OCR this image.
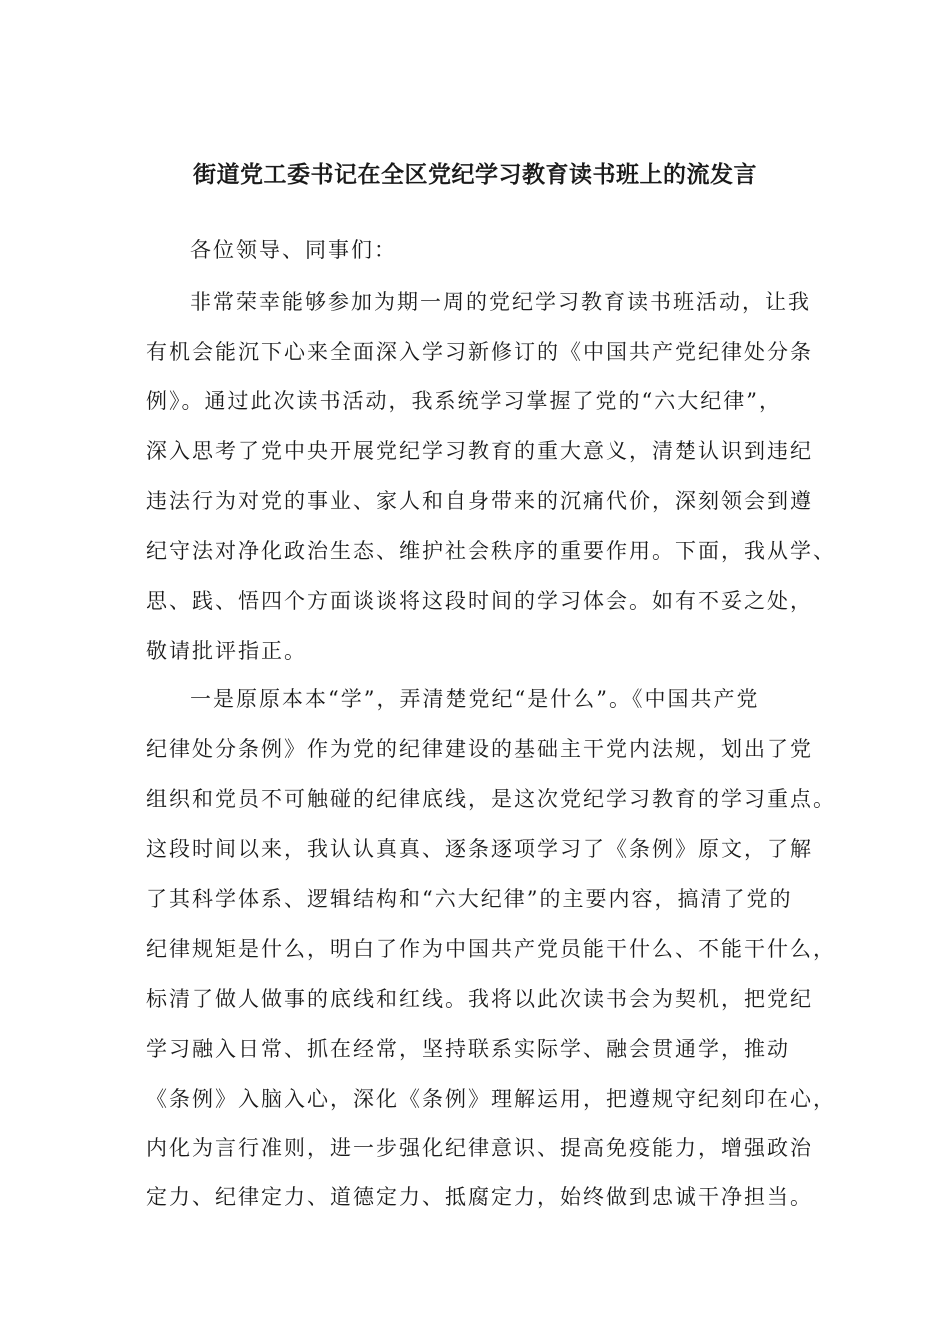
街道党工委书记在全区党纪学习教育读书班上的流发言
各位领导、同事们：
非常荣幸能够参加为期一周的党纪学习教育读书班活动，让我
有机会能沉下心来全面深入学习新修订的《中国共产党纪律处分条
例》。通过此次读书活动，我系统学习掌握了党的“六大纪律”，
深入思考了党中央开展党纪学习教育的重大意义，清楚认识到违纪
违法行为对党的事业、家人和自身带来的沉痛代价，深刻领会到遵
纪守法对净化政治生态、维护社会秩序的重要作用。下面，我从学、
思、践、悟四个方面谈谈将这段时间的学习体会。如有不妥之处，
敬请批评指正。
一是原原本本“学”，弄清楚党纪“是什么”。《中国共产党
纪律处分条例》作为党的纪律建设的基础主干党内法规，划出了党
组织和党员不可触碰的纪律底线，是这次党纪学习教育的学习重点。
这段时间以来，我认认真真、逐条逐项学习了《条例》原文，了解
了其科学体系、逻辑结构和“六大纪律”的主要内容，搞清了党的
纪律规矩是什么，明白了作为中国共产党员能干什么、不能干什么，
标清了做人做事的底线和红线。我将以此次读书会为契机，把党纪
学习融入日常、抓在经常，坚持联系实际学、融会贯通学，推动
《条例》入脑入心，深化《条例》理解运用，把遵规守纪刻印在心，
内化为言行准则，进一步强化纪律意识、提高免疫能力，增强政治
定力、纪律定力、道德定力、抵腐定力，始终做到忠诚干净担当。
